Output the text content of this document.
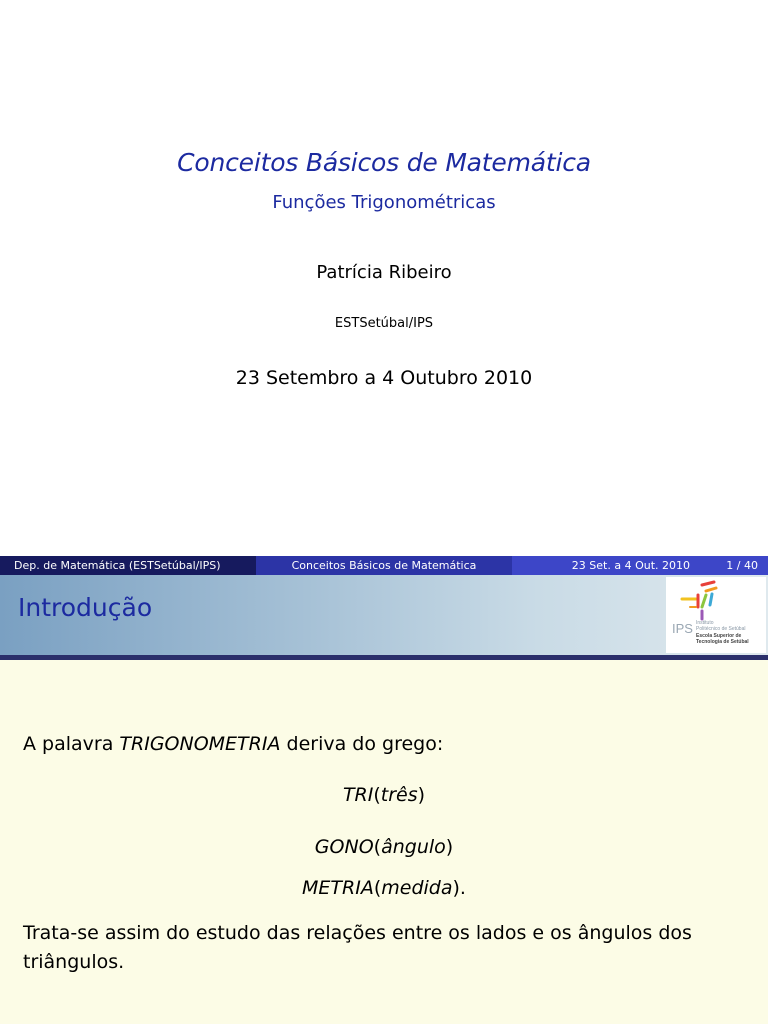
Conceitos Básicos de Matemática
Funções Trigonométricas
Patrícia Ribeiro
ESTSetúbal/IPS
23 Setembro a 4 Outubro 2010
Dep. de Matemática (ESTSetúbal/IPS)	Conceitos Básicos de Matemática	23 Set. a 4 Out. 2010	1 / 40
Introdução
IPS Instituto
Politécnico de Setúbal
Escola Superior de
Tecnologia de Setúbal
A palavra TRIGONOMETRIA deriva do grego:
TRI(três)
GONO(ângulo)
METRIA(medida).
Trata-se assim do estudo das relações entre os lados e os ângulos dos triângulos.
